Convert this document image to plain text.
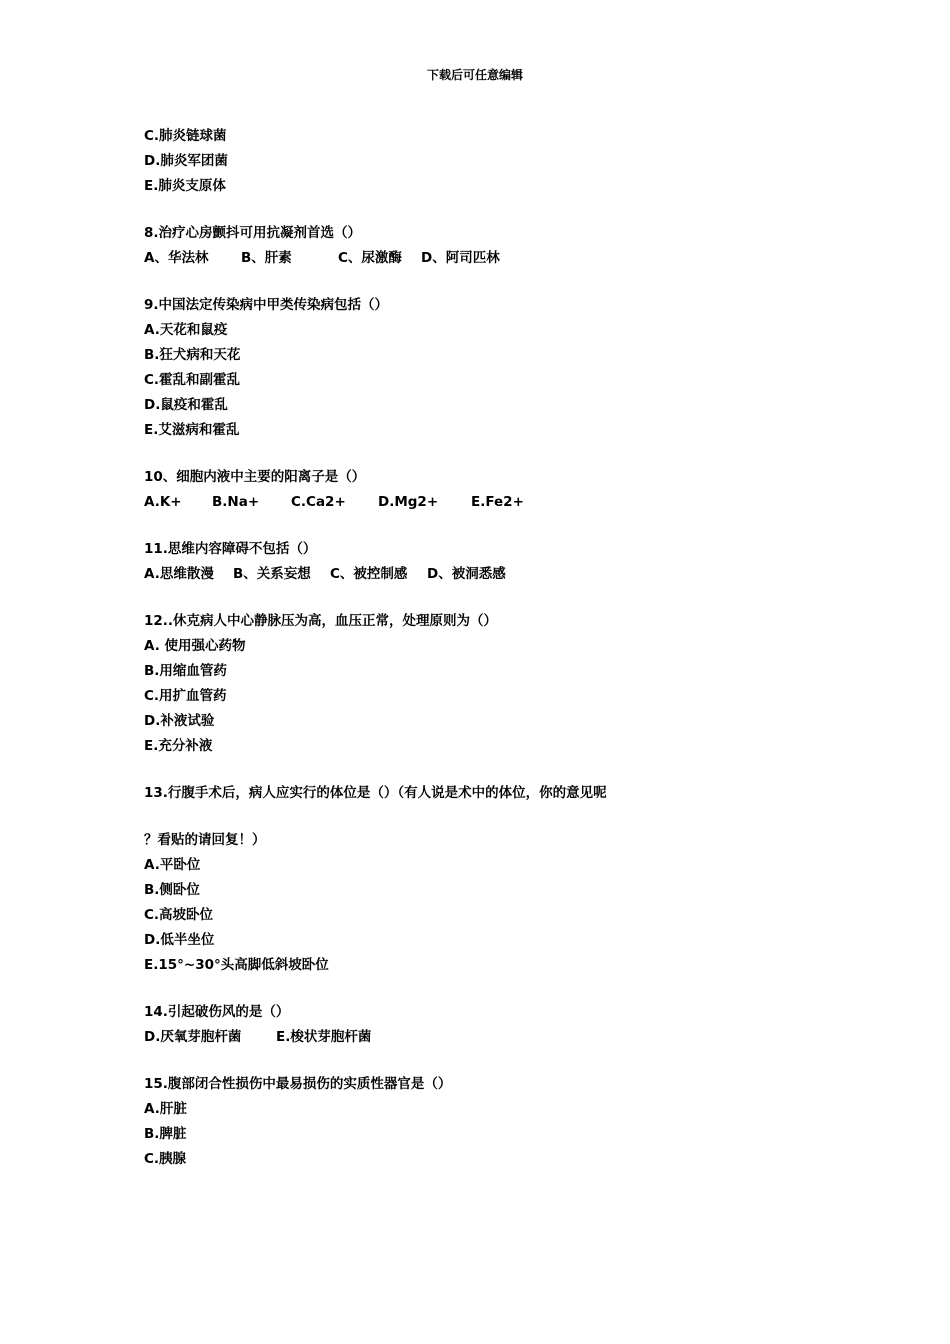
下载后可任意编辑
C.肺炎链球菌
D.肺炎军团菌
E.肺炎支原体
8.治疗心房颤抖可用抗凝剂首选（）
A、华法林 B、肝素	C、尿激酶 D、阿司匹林
9.中国法定传染病中甲类传染病包括（）
A.天花和鼠疫
B.狂犬病和天花
C.霍乱和副霍乱
D.鼠疫和霍乱
E.艾滋病和霍乱
10、细胞内液中主要的阳离子是（）
A.K+ B.Na+ C.Ca2+ D.Mg2+ E.Fe2+
11.思维内容障碍不包括（）
A.思维散漫 B、关系妄想 C、被控制感 D、被洞悉感
12..休克病人中心静脉压为高，血压正常，处理原则为（）
A. 使用强心药物
B.用缩血管药
C.用扩血管药
D.补液试验
E.充分补液
13.行腹手术后，病人应实行的体位是（）（有人说是术中的体位，你的意见呢
？看贴的请回复！）
A.平卧位
B.侧卧位
C.高坡卧位
D.低半坐位
E.15°~30°头高脚低斜坡卧位
14.引起破伤风的是（）
D.厌氧芽胞杆菌	E.梭状芽胞杆菌
15.腹部闭合性损伤中最易损伤的实质性器官是（）
A.肝脏
B.脾脏
C.胰腺
